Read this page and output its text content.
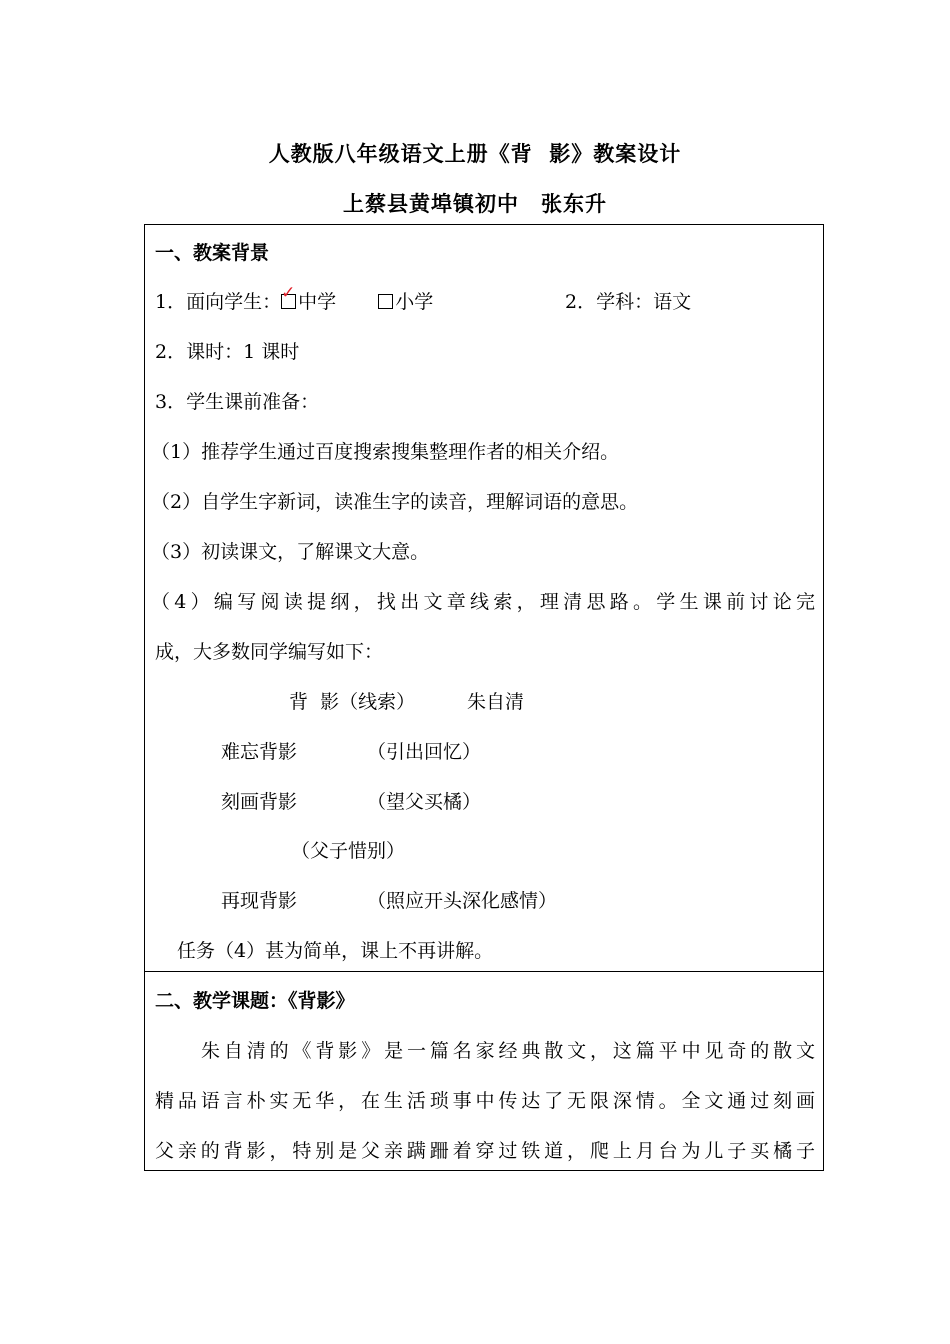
人教版八年级语文上册《背  影》教案设计
上蔡县黄埠镇初中 张东升
一、教案背景
1．面向学生： ✓ 中学	小学	2．学科：语文
2．课时：1 课时
3．学生课前准备：
（1）推荐学生通过百度搜索搜集整理作者的相关介绍。
（2）自学生字新词，读准生字的读音，理解词语的意思。
（3）初读课文，了解课文大意。
（4）编写阅读提纲，找出文章线索，理清思路。学生课前讨论完
成，大多数同学编写如下：
背  影（线索）	朱自清
难忘背影	（引出回忆）
刻画背影	（望父买橘）
（父子惜别）
再现背影	（照应开头深化感情）
任务（4）甚为简单，课上不再讲解。
二、教学课题：《背影》
朱自清的《背影》是一篇名家经典散文，这篇平中见奇的散文
精品语言朴实无华，在生活琐事中传达了无限深情。全文通过刻画
父亲的背影，特别是父亲蹒跚着穿过铁道，爬上月台为儿子买橘子
